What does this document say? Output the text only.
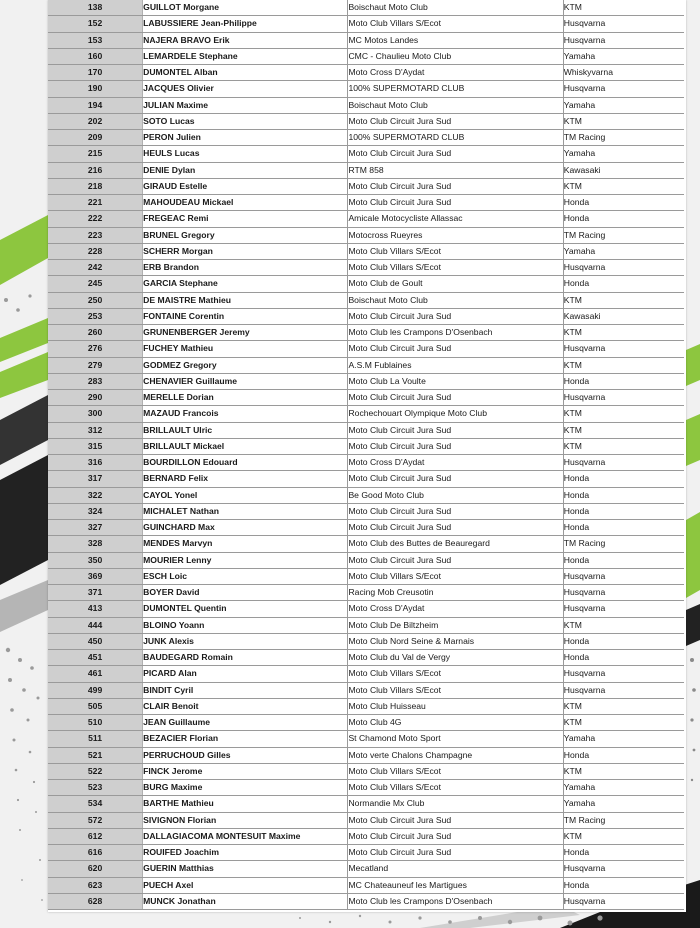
138	GUILLOT Morgane	Boischaut Moto Club	KTM
152	LABUSSIERE Jean-Philippe	Moto Club Villars S/Ecot	Husqvarna
153	NAJERA BRAVO Erik	MC Motos Landes	Husqvarna
160	LEMARDELE Stephane	CMC - Chaulieu Moto Club	Yamaha
170	DUMONTEL Alban	Moto Cross D'Aydat	Whiskyvarna
190	JACQUES Olivier	100% SUPERMOTARD CLUB	Husqvarna
194	JULIAN Maxime	Boischaut Moto Club	Yamaha
202	SOTO Lucas	Moto Club Circuit Jura Sud	KTM
209	PERON Julien	100% SUPERMOTARD CLUB	TM Racing
215	HEULS Lucas	Moto Club Circuit Jura Sud	Yamaha
216	DENIE Dylan	RTM 858	Kawasaki
218	GIRAUD Estelle	Moto Club Circuit Jura Sud	KTM
221	MAHOUDEAU Mickael	Moto Club Circuit Jura Sud	Honda
222	FREGEAC Remi	Amicale Motocycliste Allassac	Honda
223	BRUNEL Gregory	Motocross Rueyres	TM Racing
228	SCHERR Morgan	Moto Club Villars S/Ecot	Yamaha
242	ERB Brandon	Moto Club Villars S/Ecot	Husqvarna
245	GARCIA Stephane	Moto Club de Goult	Honda
250	DE MAISTRE Mathieu	Boischaut Moto Club	KTM
253	FONTAINE Corentin	Moto Club Circuit Jura Sud	Kawasaki
260	GRUNENBERGER Jeremy	Moto Club les Crampons D'Osenbach	KTM
276	FUCHEY Mathieu	Moto Club Circuit Jura Sud	Husqvarna
279	GODMEZ Gregory	A.S.M Fublaines	KTM
283	CHENAVIER Guillaume	Moto Club La Voulte	Honda
290	MERELLE Dorian	Moto Club Circuit Jura Sud	Husqvarna
300	MAZAUD Francois	Rochechouart Olympique Moto Club	KTM
312	BRILLAULT Ulric	Moto Club Circuit Jura Sud	KTM
315	BRILLAULT Mickael	Moto Club Circuit Jura Sud	KTM
316	BOURDILLON Edouard	Moto Cross D'Aydat	Husqvarna
317	BERNARD Felix	Moto Club Circuit Jura Sud	Honda
322	CAYOL Yonel	Be Good Moto Club	Honda
324	MICHALET Nathan	Moto Club Circuit Jura Sud	Honda
327	GUINCHARD Max	Moto Club Circuit Jura Sud	Honda
328	MENDES Marvyn	Moto Club des Buttes de Beauregard	TM Racing
350	MOURIER Lenny	Moto Club Circuit Jura Sud	Honda
369	ESCH Loic	Moto Club Villars S/Ecot	Husqvarna
371	BOYER David	Racing Mob Creusotin	Husqvarna
413	DUMONTEL Quentin	Moto Cross D'Aydat	Husqvarna
444	BLOINO Yoann	Moto Club De Biltzheim	KTM
450	JUNK Alexis	Moto Club Nord Seine & Marnais	Honda
451	BAUDEGARD Romain	Moto Club du Val de Vergy	Honda
461	PICARD Alan	Moto Club Villars S/Ecot	Husqvarna
499	BINDIT Cyril	Moto Club Villars S/Ecot	Husqvarna
505	CLAIR Benoit	Moto Club Huisseau	KTM
510	JEAN Guillaume	Moto Club 4G	KTM
511	BEZACIER Florian	St Chamond Moto Sport	Yamaha
521	PERRUCHOUD Gilles	Moto verte Chalons Champagne	Honda
522	FINCK Jerome	Moto Club Villars S/Ecot	KTM
523	BURG Maxime	Moto Club Villars S/Ecot	Yamaha
534	BARTHE Mathieu	Normandie Mx Club	Yamaha
572	SIVIGNON Florian	Moto Club Circuit Jura Sud	TM Racing
612	DALLAGIACOMA MONTESUIT Maxime	Moto Club Circuit Jura Sud	KTM
616	ROUIFED Joachim	Moto Club Circuit Jura Sud	Honda
620	GUERIN Matthias	Mecatland	Husqvarna
623	PUECH Axel	MC Chateauneuf les Martigues	Honda
628	MUNCK Jonathan	Moto Club les Crampons D'Osenbach	Husqvarna
